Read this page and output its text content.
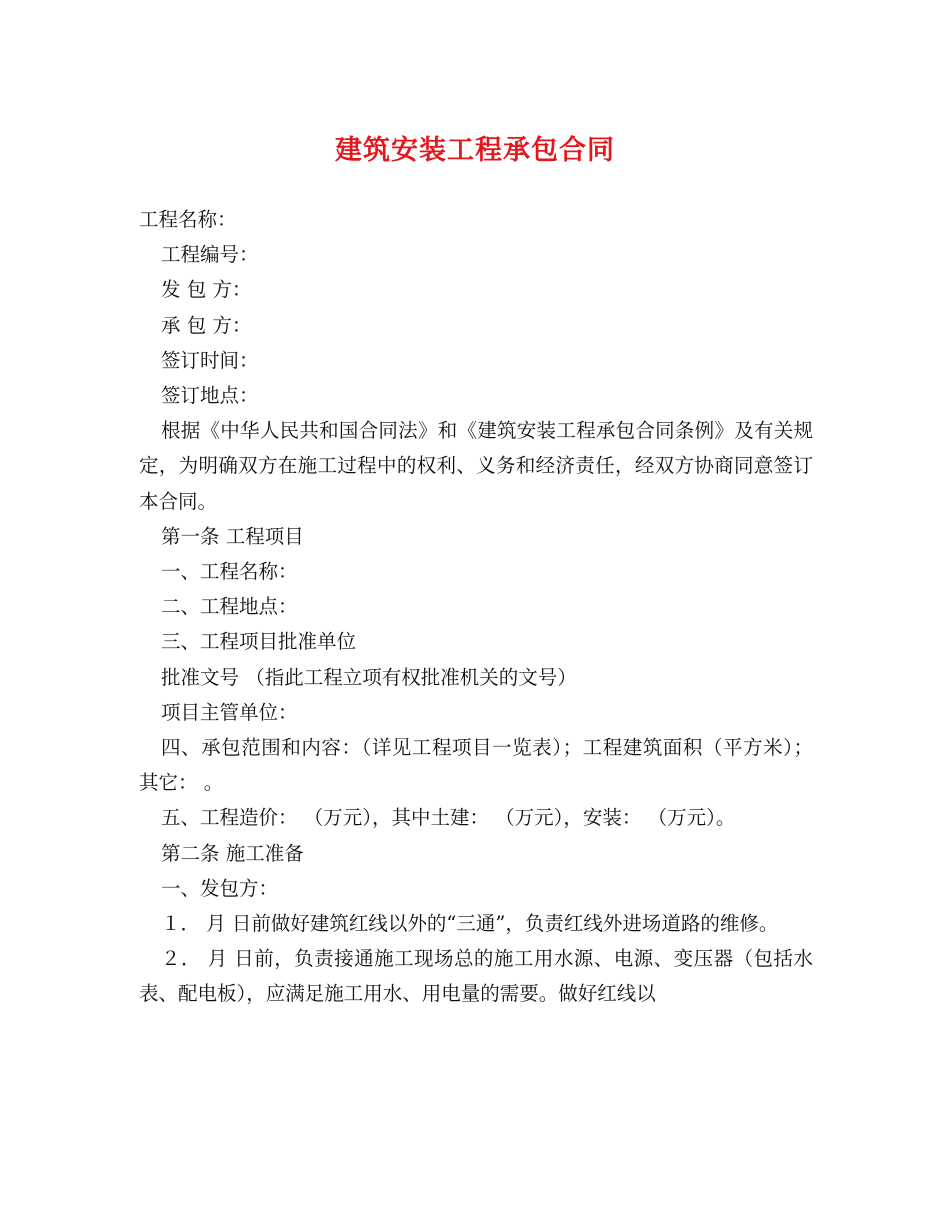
建筑安装工程承包合同

工程名称：

工程编号：

发 包 方：

承 包 方：

签订时间：

签订地点：

根据《中华人民共和国合同法》和《建筑安装工程承包合同条例》及有关规定，为明确双方在施工过程中的权利、义务和经济责任，经双方协商同意签订本合同。

第一条 工程项目

一、工程名称：

二、工程地点：

三、工程项目批准单位

批准文号 （指此工程立项有权批准机关的文号）

项目主管单位：

四、承包范围和内容：（详见工程项目一览表）；工程建筑面积（平方米）；其它： 。

五、工程造价： （万元），其中土建： （万元），安装： （万元）。

第二条 施工准备

一、发包方：

１． 月 日前做好建筑红线以外的“三通”，负责红线外进场道路的维修。

２． 月 日前，负责接通施工现场总的施工用水源、电源、变压器（包括水表、配电板），应满足施工用水、用电量的需要。做好红线以
